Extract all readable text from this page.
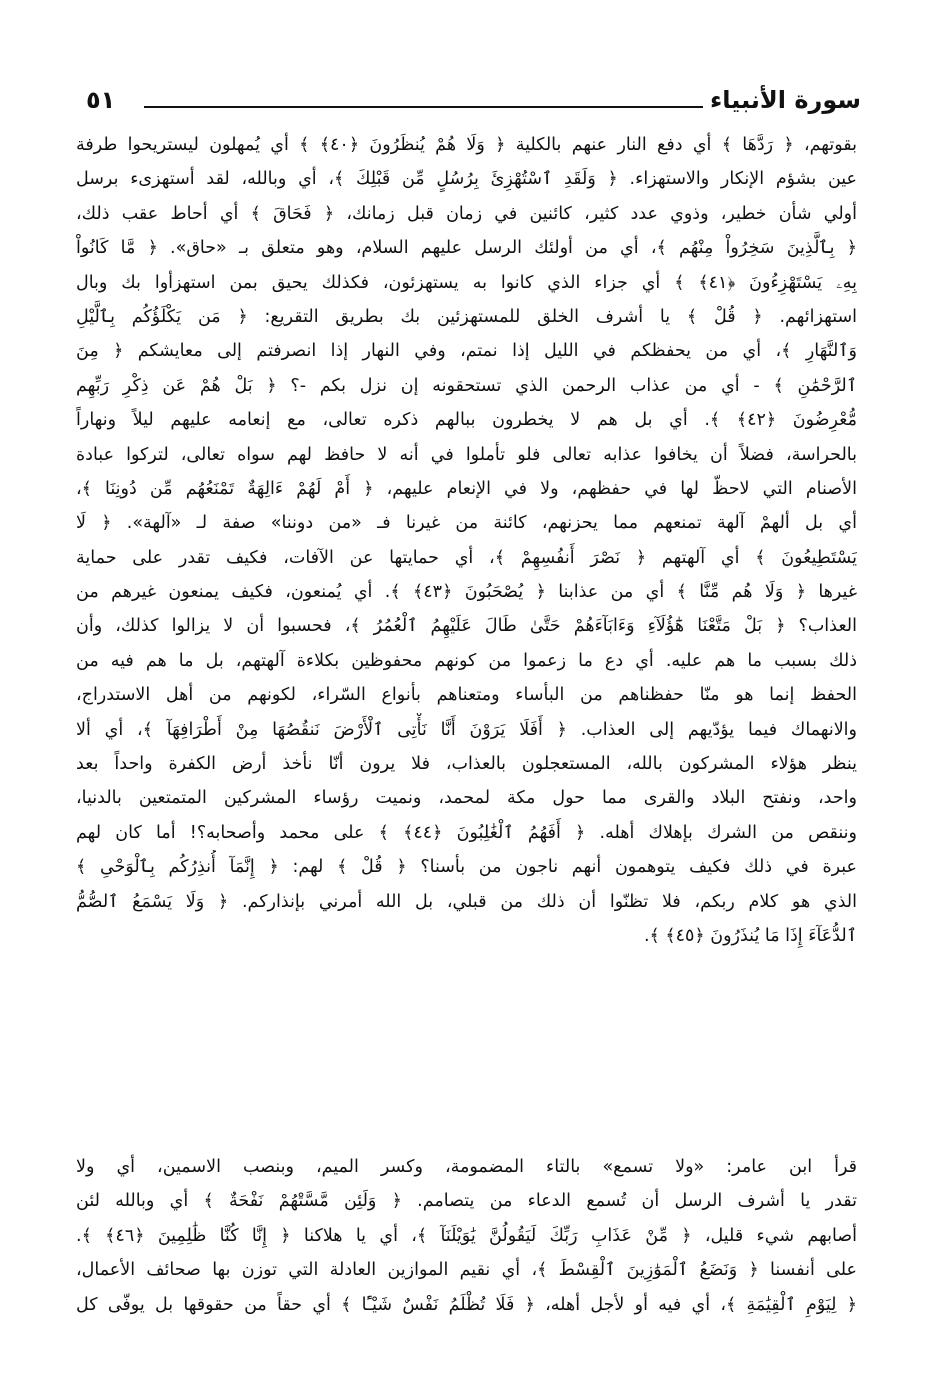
سورة الأنبياء
٥١
بقوتهم، ﴿ رَدَّهَا ﴾ أي دفع النار عنهم بالكلية ﴿ وَلَا هُمْ يُنظَرُونَ ﴿٤٠﴾ ﴾ أي يُمهلون ليستريحوا طرفة
عين بشؤم الإنكار والاستهزاء. ﴿ وَلَقَدِ ٱسْتُهْزِئَ بِرُسُلٍ مِّن قَبْلِكَ ﴾، أي وبالله، لقد أستهزىء برسل
أولي شأن خطير، وذوي عدد كثير، كائنين في زمان قبل زمانك، ﴿ فَحَاقَ ﴾ أي أحاط عقب ذلك،
﴿ بِٱلَّذِينَ سَخِرُواْ مِنْهُم ﴾، أي من أولئك الرسل عليهم السلام، وهو متعلق بـ «حاق». ﴿ مَّا كَانُواْ
بِهِۦ يَسْتَهْزِءُونَ ﴿٤١﴾ ﴾ أي جزاء الذي كانوا به يستهزئون، فكذلك يحيق بمن استهزأوا بك وبال
استهزائهم. ﴿ قُلْ ﴾ يا أشرف الخلق للمستهزئين بك بطريق التقريع: ﴿ مَن يَكْلَؤُكُم بِٱلَّيْلِ
وَٱلنَّهَارِ ﴾، أي من يحفظكم في الليل إذا نمتم، وفي النهار إذا انصرفتم إلى معايشكم ﴿ مِنَ
ٱلرَّحْمَٰنِ ﴾ - أي من عذاب الرحمن الذي تستحقونه إن نزل بكم -؟ ﴿ بَلْ هُمْ عَن ذِكْرِ رَبِّهِم
مُّعْرِضُونَ ﴿٤٢﴾ ﴾. أي بل هم لا يخطرون ببالهم ذكره تعالى، مع إنعامه عليهم ليلاً ونهاراً
بالحراسة، فضلاً أن يخافوا عذابه تعالى فلو تأملوا في أنه لا حافظ لهم سواه تعالى، لتركوا عبادة
الأصنام التي لاحظّ لها في حفظهم، ولا في الإنعام عليهم، ﴿ أَمْ لَهُمْ ءَالِهَةٌ تَمْنَعُهُم مِّن دُونِنَا ﴾،
أي بل ألهمْ آلهة تمنعهم مما يحزنهم، كائنة من غيرنا فـ «من دوننا» صفة لـ «آلهة». ﴿ لَا
يَسْتَطِيعُونَ ﴾ أي آلهتهم ﴿ نَصْرَ أَنفُسِهِمْ ﴾، أي حمايتها عن الآفات، فكيف تقدر على حماية
غيرها ﴿ وَلَا هُم مِّنَّا ﴾ أي من عذابنا ﴿ يُصْحَبُونَ ﴿٤٣﴾ ﴾. أي يُمنعون، فكيف يمنعون غيرهم من
العذاب؟ ﴿ بَلْ مَتَّعْنَا هَٰٓؤُلَآءِ وَءَابَآءَهُمْ حَتَّىٰ طَالَ عَلَيْهِمُ ٱلْعُمُرُ ﴾، فحسبوا أن لا يزالوا كذلك، وأن
ذلك بسبب ما هم عليه. أي دع ما زعموا من كونهم محفوظين بكلاءة آلهتهم، بل ما هم فيه من
الحفظ إنما هو منّا حفظناهم من البأساء ومتعناهم بأنواع السّراء، لكونهم من أهل الاستدراج،
والانهماك فيما يؤدّيهم إلى العذاب. ﴿ أَفَلَا يَرَوْنَ أَنَّا نَأْتِى ٱلْأَرْضَ نَنقُصُهَا مِنْ أَطْرَافِهَآ ﴾، أي ألا
ينظر هؤلاء المشركون بالله، المستعجلون بالعذاب، فلا يرون أنّا نأخذ أرض الكفرة واحداً بعد
واحد، ونفتح البلاد والقرى مما حول مكة لمحمد، ونميت رؤساء المشركين المتمتعين بالدنيا،
وننقص من الشرك بإهلاك أهله. ﴿ أَفَهُمُ ٱلْغَٰلِبُونَ ﴿٤٤﴾ ﴾ على محمد وأصحابه؟! أما كان لهم
عبرة في ذلك فكيف يتوهمون أنهم ناجون من بأسنا؟ ﴿ قُلْ ﴾ لهم: ﴿ إِنَّمَآ أُنذِرُكُم بِٱلْوَحْىِ ﴾
الذي هو كلام ربكم، فلا تظنّوا أن ذلك من قبلي، بل الله أمرني بإنذاركم. ﴿ وَلَا يَسْمَعُ ٱلصُّمُّ
ٱلدُّعَآءَ إِذَا مَا يُنذَرُونَ ﴿٤٥﴾ ﴾.
قرأ ابن عامر: «ولا تسمع» بالتاء المضمومة، وكسر الميم، وبنصب الاسمين، أي ولا
تقدر يا أشرف الرسل أن تُسمع الدعاء من يتصامم. ﴿ وَلَئِن مَّسَّتْهُمْ نَفْحَةٌ ﴾ أي وبالله لئن
أصابهم شيء قليل، ﴿ مِّنْ عَذَابِ رَبِّكَ لَيَقُولُنَّ يَٰوَيْلَنَآ ﴾، أي يا هلاكنا ﴿ إِنَّا كُنَّا ظَٰلِمِينَ ﴿٤٦﴾ ﴾.
على أنفسنا ﴿ وَنَضَعُ ٱلْمَوَٰزِينَ ٱلْقِسْطَ ﴾، أي نقيم الموازين العادلة التي توزن بها صحائف الأعمال،
﴿ لِيَوْمِ ٱلْقِيَٰمَةِ ﴾، أي فيه أو لأجل أهله، ﴿ فَلَا تُظْلَمُ نَفْسٌ شَيْـًٔا ﴾ أي حقاً من حقوقها بل يوفّى كل
